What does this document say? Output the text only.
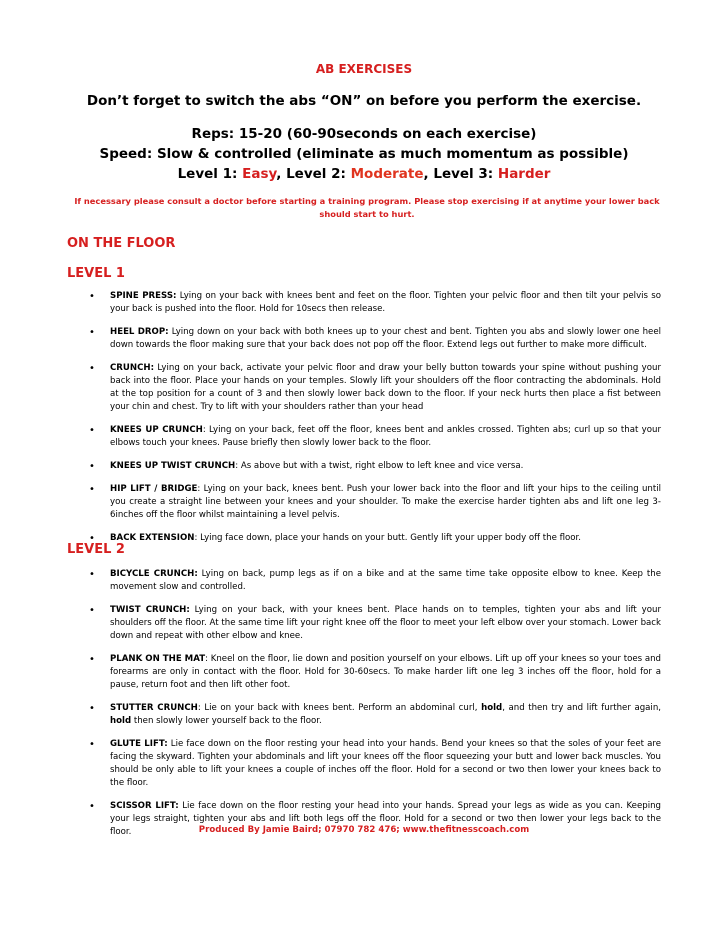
AB EXERCISES
Don’t forget to switch the abs “ON” on before you perform the exercise.
Reps: 15-20 (60-90seconds on each exercise)
Speed: Slow & controlled (eliminate as much momentum as possible)
Level 1: Easy, Level 2: Moderate, Level 3: Harder
If necessary please consult a doctor before starting a training program. Please stop exercising if at anytime your lower back should start to hurt.
ON THE FLOOR
LEVEL 1
• SPINE PRESS: Lying on your back with knees bent and feet on the floor. Tighten your pelvic floor and then tilt your pelvis so your back is pushed into the floor. Hold for 10secs then release.
• HEEL DROP: Lying down on your back with both knees up to your chest and bent. Tighten you abs and slowly lower one heel down towards the floor making sure that your back does not pop off the floor. Extend legs out further to make more difficult.
• CRUNCH: Lying on your back, activate your pelvic floor and draw your belly button towards your spine without pushing your back into the floor. Place your hands on your temples. Slowly lift your shoulders off the floor contracting the abdominals. Hold at the top position for a count of 3 and then slowly lower back down to the floor. If your neck hurts then place a fist between your chin and chest. Try to lift with your shoulders rather than your head
• KNEES UP CRUNCH: Lying on your back, feet off the floor, knees bent and ankles crossed. Tighten abs; curl up so that your elbows touch your knees. Pause briefly then slowly lower back to the floor.
• KNEES UP TWIST CRUNCH: As above but with a twist, right elbow to left knee and vice versa.
• HIP LIFT / BRIDGE: Lying on your back, knees bent. Push your lower back into the floor and lift your hips to the ceiling until you create a straight line between your knees and your shoulder. To make the exercise harder tighten abs and lift one leg 3-6inches off the floor whilst maintaining a level pelvis.
• BACK EXTENSION: Lying face down, place your hands on your butt. Gently lift your upper body off the floor.
LEVEL 2
• BICYCLE CRUNCH: Lying on back, pump legs as if on a bike and at the same time take opposite elbow to knee. Keep the movement slow and controlled.
• TWIST CRUNCH: Lying on your back, with your knees bent. Place hands on to temples, tighten your abs and lift your shoulders off the floor. At the same time lift your right knee off the floor to meet your left elbow over your stomach. Lower back down and repeat with other elbow and knee.
• PLANK ON THE MAT: Kneel on the floor, lie down and position yourself on your elbows. Lift up off your knees so your toes and forearms are only in contact with the floor. Hold for 30-60secs. To make harder lift one leg 3 inches off the floor, hold for a pause, return foot and then lift other foot.
• STUTTER CRUNCH: Lie on your back with knees bent. Perform an abdominal curl, hold, and then try and lift further again, hold then slowly lower yourself back to the floor.
• GLUTE LIFT: Lie face down on the floor resting your head into your hands. Bend your knees so that the soles of your feet are facing the skyward. Tighten your abdominals and lift your knees off the floor squeezing your butt and lower back muscles. You should be only able to lift your knees a couple of inches off the floor. Hold for a second or two then lower your knees back to the floor.
• SCISSOR LIFT: Lie face down on the floor resting your head into your hands. Spread your legs as wide as you can. Keeping your legs straight, tighten your abs and lift both legs off the floor. Hold for a second or two then lower your legs back to the floor.	Produced By Jamie Baird; 07970 782 476; www.thefitnesscoach.com
